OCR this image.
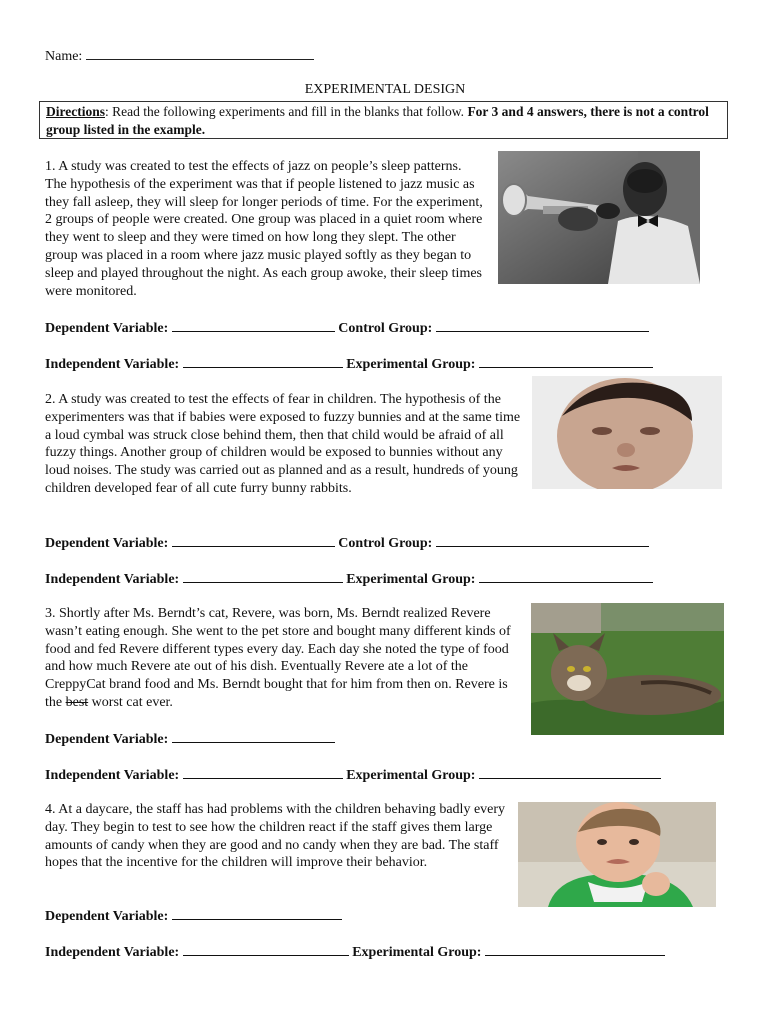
Name:
EXPERIMENTAL DESIGN
Directions: Read the following experiments and fill in the blanks that follow. For 3 and 4 answers, there is not a control group listed in the example.
1. A study was created to test the effects of jazz on people’s sleep patterns. The hypothesis of the experiment was that if people listened to jazz music as they fall asleep, they will sleep for longer periods of time. For the experiment, 2 groups of people were created. One group was placed in a quiet room where they went to sleep and they were timed on how long they slept. The other group was placed in a room where jazz music played softly as they began to sleep and played throughout the night. As each group awoke, their sleep times were monitored.
Dependent Variable:	Control Group:
Independent Variable:	Experimental Group:
2. A study was created to test the effects of fear in children. The hypothesis of the experimenters was that if babies were exposed to fuzzy bunnies and at the same time a loud cymbal was struck close behind them, then that child would be afraid of all fuzzy things. Another group of children would be exposed to bunnies without any loud noises. The study was carried out as planned and as a result, hundreds of young children developed fear of all cute furry bunny rabbits.
Dependent Variable:	Control Group:
Independent Variable:	Experimental Group:
3. Shortly after Ms. Berndt’s cat, Revere, was born, Ms. Berndt realized Revere wasn’t eating enough. She went to the pet store and bought many different kinds of food and fed Revere different types every day. Each day she noted the type of food and how much Revere ate out of his dish. Eventually Revere ate a lot of the CreppyCat brand food and Ms. Berndt bought that for him from then on. Revere is the best worst cat ever.
Dependent Variable:
Independent Variable:	Experimental Group:
4. At a daycare, the staff has had problems with the children behaving badly every day. They begin to test to see how the children react if the staff gives them large amounts of candy when they are good and no candy when they are bad. The staff hopes that the incentive for the children will improve their behavior.
Dependent Variable:
Independent Variable:	Experimental Group:
